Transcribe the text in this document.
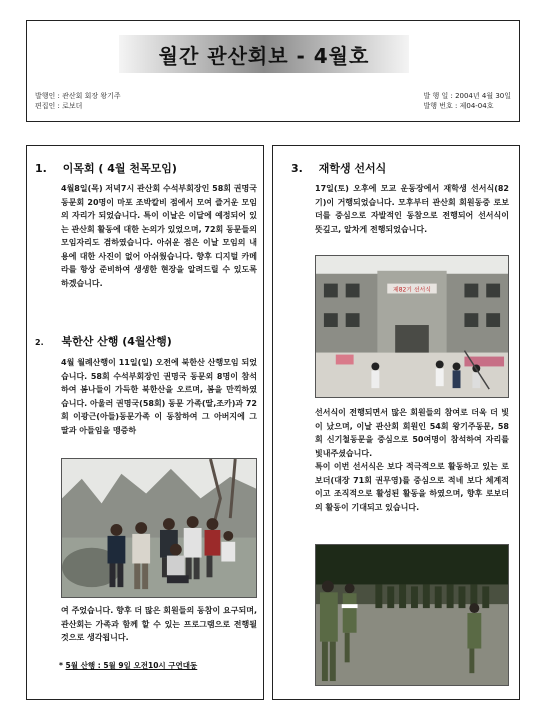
월간 관산회보 - 4월호
발행인 : 관산회 회장 왕기주
편집인 : 로보더
발 행 일 : 2004년 4월 30일
발행 번호 : 제04-04호
1. 이목회 ( 4월 천목모임)
4월8일(목) 저녁7시 관산회 수석부회장인 58회 권명국 동문회 20명이 마포 조박칼비 점에서 모여 즐거운 모임의 자리가 되었습니다. 특이 이날은 이달에 예정되어 있는 관산회 활동에 대한 논의가 있었으며, 72회 동문들의 모임자리도 겸하였습니다. 아쉬운 점은 이날 모임의 내용에 대한 사진이 없어 아쉬웠습니다. 향후 디지털 카메라를 항상 준비하여 생생한 현장을 알려드릴 수 있도록 하겠습니다.
2. 북한산 산행 (4월산행)
4월 월례산행이 11일(일) 오전에 북한산 산행모임 되었습니다. 58회 수석부회장인 권명국 동문외 8명이 참석하여 봄나들이 가득한 북한산을 오르며, 봄을 만끽하였습니다. 아울러 권명국(58회) 동문 가족(딸,조카)과 72회 이광근(아들)동문가족 이 동참하여 그 아버지에 그 딸과 아들임을 맹증하
여 주었습니다. 향후 더 많은 회원들의 동참이 요구되며, 관산회는 가족과 함께 할 수 있는 프로그램으로 전행될것으로 생각됩니다.
* 5월 산행 : 5월 9일 오전10시 구연대동
3. 재학생 선서식
17일(토) 오후에 모교 운동장에서 재학생 선서식(82기)이 거행되었습니다. 모후부터 관산회 회원동중 로보더를 중심으로 자발적인 동참으로 전행되어 선서식이 뜻깊고, 알차게 전행되었습니다.
제82기 선서식
선서식이 전행되면서 많은 회원들의 참여로 더욱 더 빛이 났으며, 이날 관산회 회원인 54회 왕기주동문, 58회 신기철동문을 중심으로 50여명이 참석하여 자리를 빛내주셨습니다.
특이 이번 선서식은 보다 적극적으로 활동하고 있는 로보더(대장 71회 권무영)를 중심으로 적네 보다 체계적이고 조직적으로 활성된 활동을 하였으며, 향후 로보더의 활동이 기대되고 있습니다.
